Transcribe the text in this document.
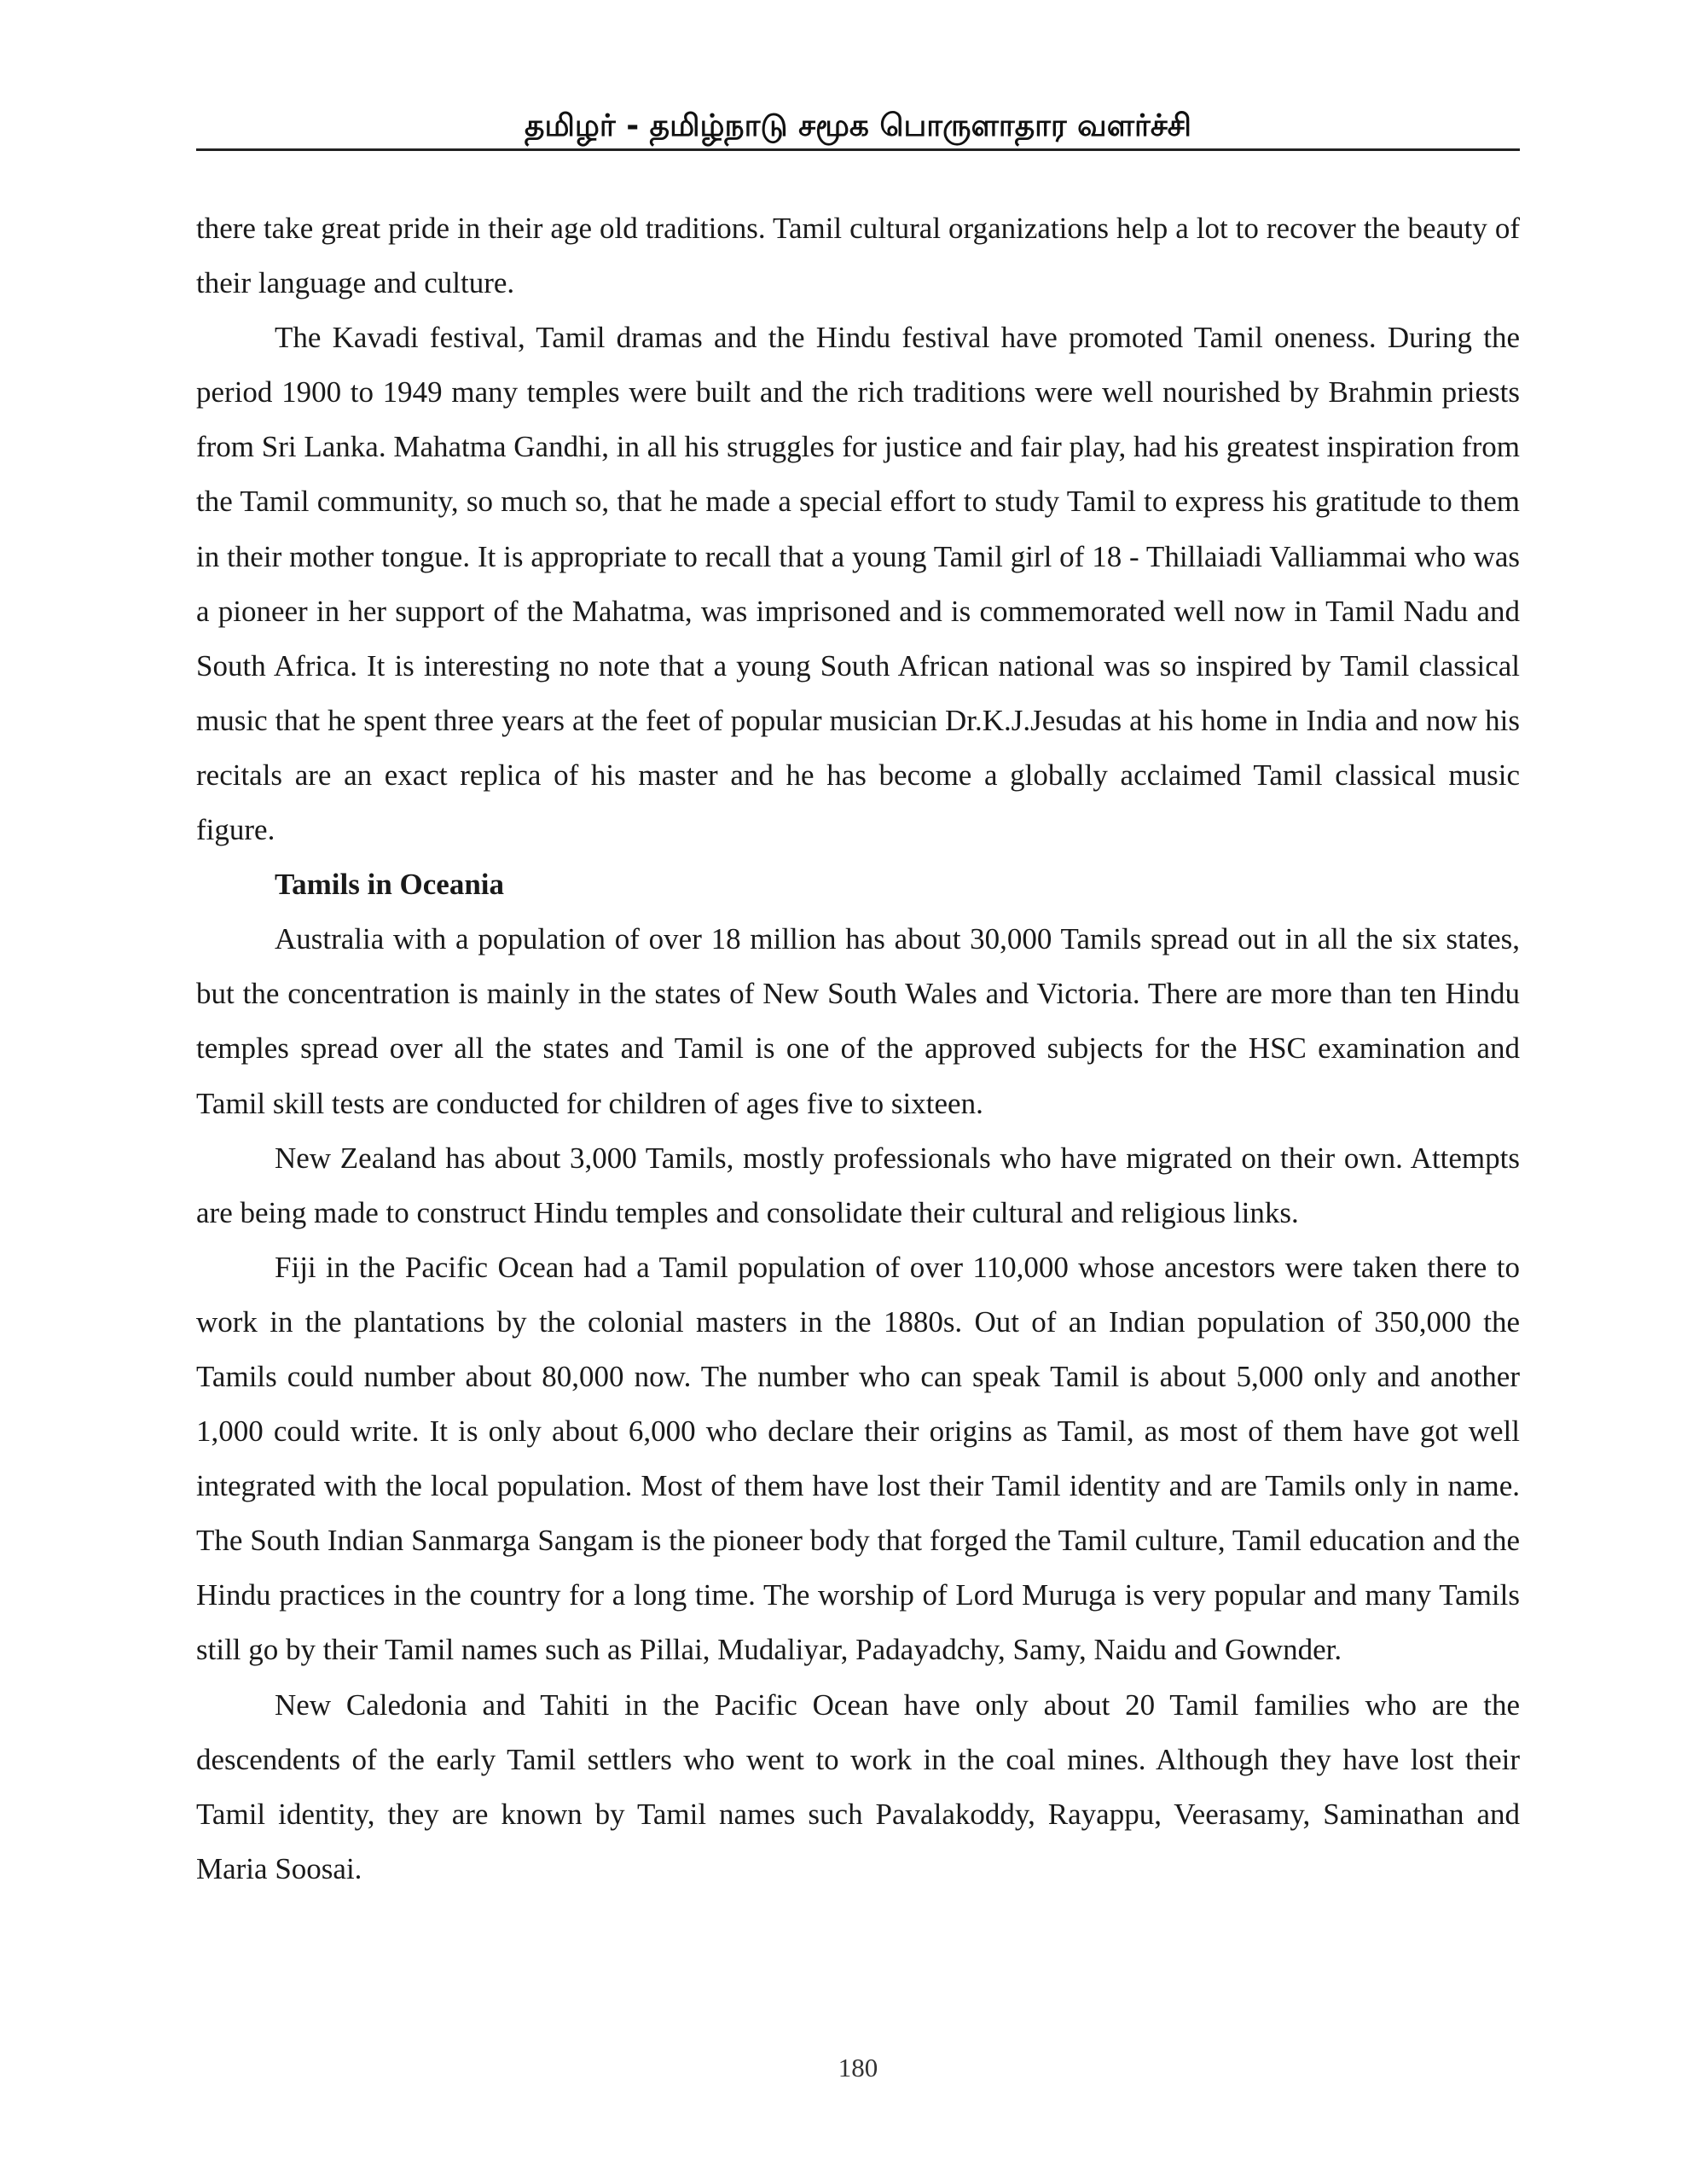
தமிழர் - தமிழ்நாடு சமூக பொருளாதார வளர்ச்சி

there take great pride in their age old traditions. Tamil cultural organizations help a lot to recover the beauty of their language and culture.

The Kavadi festival, Tamil dramas and the Hindu festival have promoted Tamil oneness. During the period 1900 to 1949 many temples were built and the rich traditions were well nourished by Brahmin priests from Sri Lanka. Mahatma Gandhi, in all his struggles for justice and fair play, had his greatest inspiration from the Tamil community, so much so, that he made a special effort to study Tamil to express his gratitude to them in their mother tongue. It is appropriate to recall that a young Tamil girl of 18 - Thillaiadi Valliammai who was a pioneer in her support of the Mahatma, was imprisoned and is commemorated well now in Tamil Nadu and South Africa. It is interesting no note that a young South African national was so inspired by Tamil classical music that he spent three years at the feet of popular musician Dr.K.J.Jesudas at his home in India and now his recitals are an exact replica of his master and he has become a globally acclaimed Tamil classical music figure.

Tamils in Oceania

Australia with a population of over 18 million has about 30,000 Tamils spread out in all the six states, but the concentration is mainly in the states of New South Wales and Victoria. There are more than ten Hindu temples spread over all the states and Tamil is one of the approved subjects for the HSC examination and Tamil skill tests are conducted for children of ages five to sixteen.

New Zealand has about 3,000 Tamils, mostly professionals who have migrated on their own. Attempts are being made to construct Hindu temples and consolidate their cultural and religious links.

Fiji in the Pacific Ocean had a Tamil population of over 110,000 whose ancestors were taken there to work in the plantations by the colonial masters in the 1880s. Out of an Indian population of 350,000 the Tamils could number about 80,000 now. The number who can speak Tamil is about 5,000 only and another 1,000 could write. It is only about 6,000 who declare their origins as Tamil, as most of them have got well integrated with the local population. Most of them have lost their Tamil identity and are Tamils only in name. The South Indian Sanmarga Sangam is the pioneer body that forged the Tamil culture, Tamil education and the Hindu practices in the country for a long time. The worship of Lord Muruga is very popular and many Tamils still go by their Tamil names such as Pillai, Mudaliyar, Padayadchy, Samy, Naidu and Gownder.

New Caledonia and Tahiti in the Pacific Ocean have only about 20 Tamil families who are the descendents of the early Tamil settlers who went to work in the coal mines. Although they have lost their Tamil identity, they are known by Tamil names such Pavalakoddy, Rayappu, Veerasamy, Saminathan and Maria Soosai.

180
